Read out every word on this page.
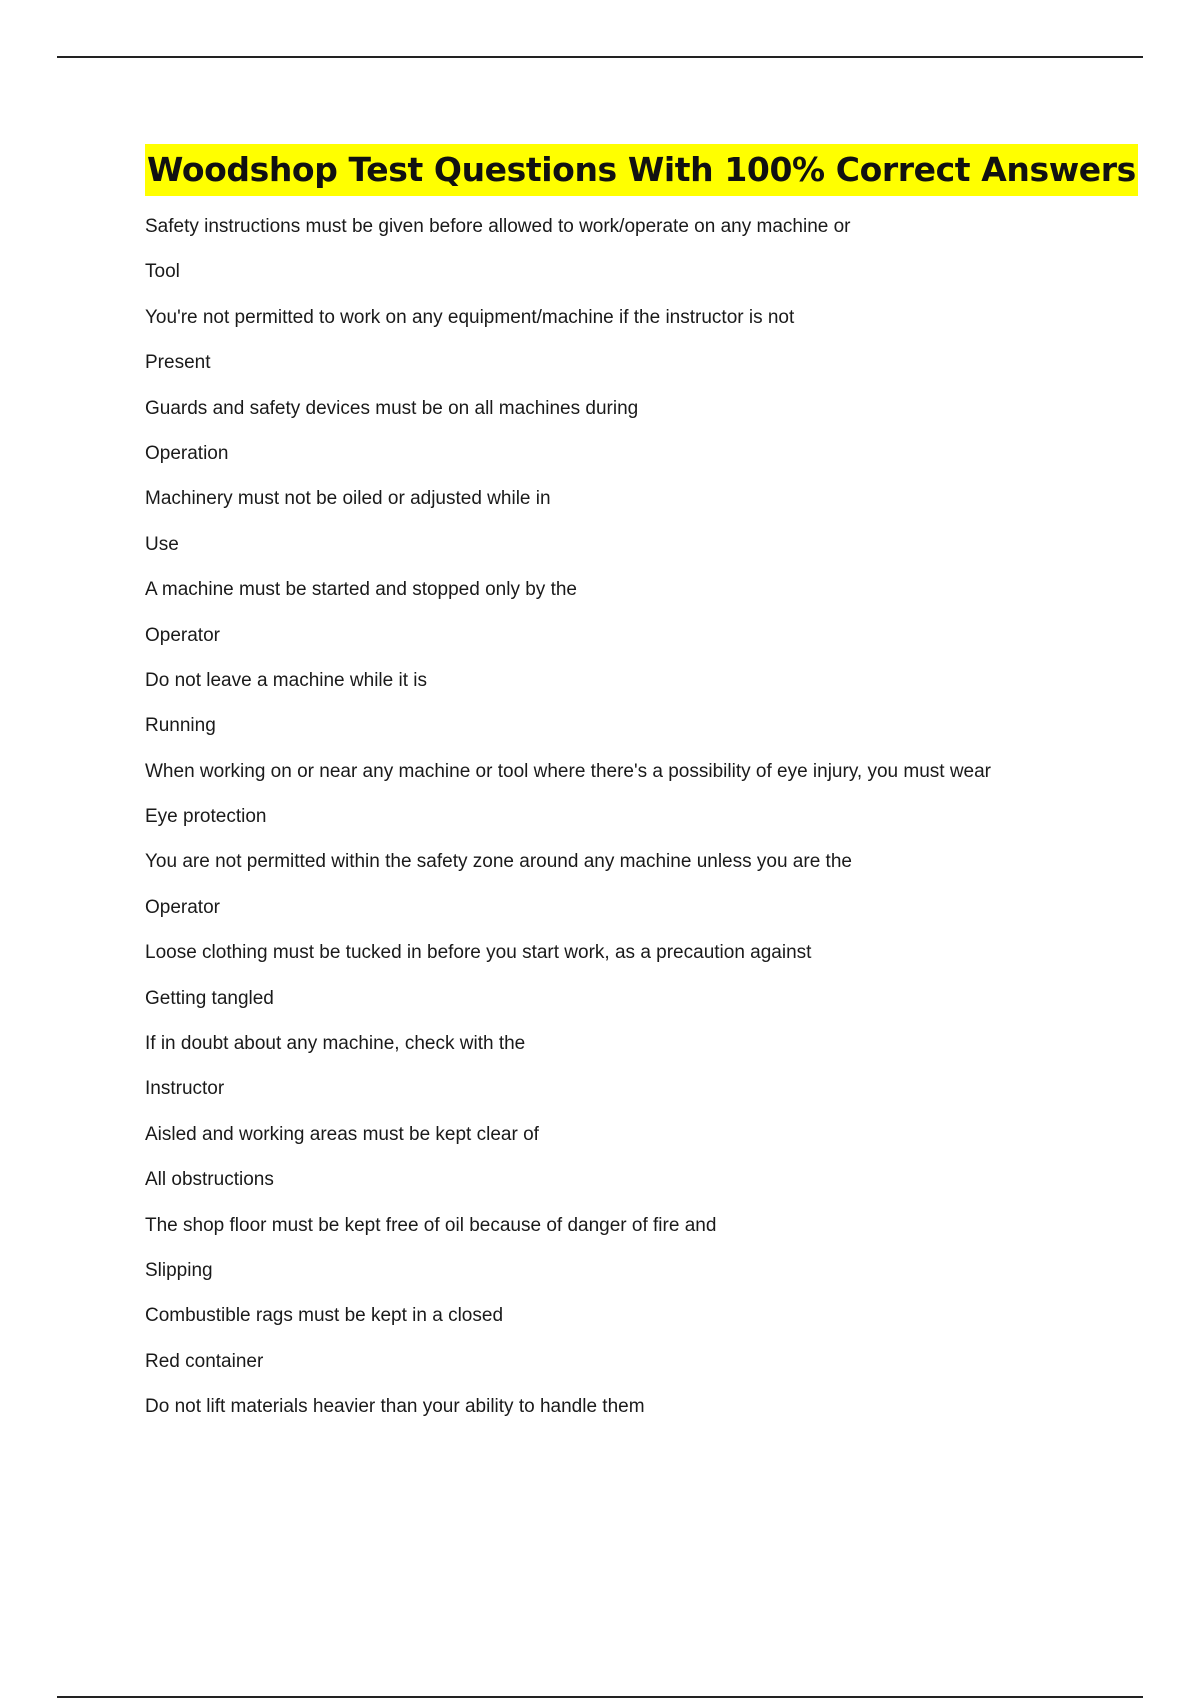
Woodshop Test Questions With 100% Correct Answers
Safety instructions must be given before allowed to work/operate on any machine or
Tool
You're not permitted to work on any equipment/machine if the instructor is not
Present
Guards and safety devices must be on all machines during
Operation
Machinery must not be oiled or adjusted while in
Use
A machine must be started and stopped only by the
Operator
Do not leave a machine while it is
Running
When working on or near any machine or tool where there's a possibility of eye injury, you must wear
Eye protection
You are not permitted within the safety zone around any machine unless you are the
Operator
Loose clothing must be tucked in before you start work, as a precaution against
Getting tangled
If in doubt about any machine, check with the
Instructor
Aisled and working areas must be kept clear of
All obstructions
The shop floor must be kept free of oil because of danger of fire and
Slipping
Combustible rags must be kept in a closed
Red container
Do not lift materials heavier than your ability to handle them
